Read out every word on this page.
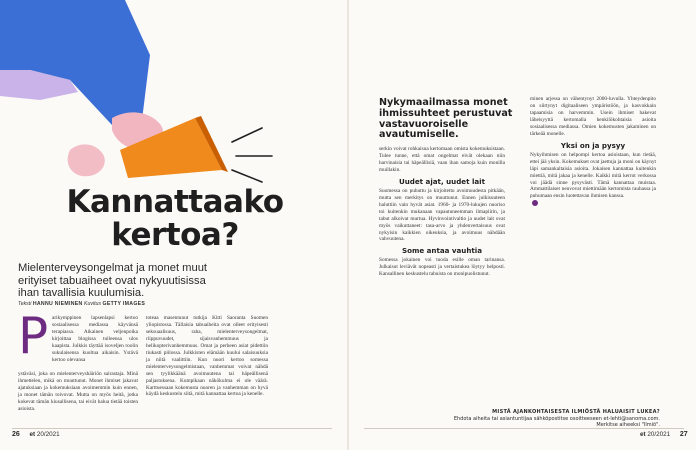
Kannattaako
kertoa?
Mielenterveysongelmat ja monet muut erityiset tabuaiheet ovat nykyuutisissa ihan tavallisia kuulumisia.
Teksti HANNU NIEMINEN Kuvitus GETTY IMAGES
P arikymppinen lapsenlapsi kertoo sosiaalisessa mediassa käyvänsä terapiassa. Aikainen veljenpoika kirjoittaa blogissa tulleensa ulos kaapista. Julkkis täyttää isoveljen roolin sukulaisensa kuoltua aikaisin. Ystävä kertoo olevansa
ystäväsi, joka on mielenterveyshäiriön sairastaja. Minä ihmettelen, mikä on muuttunut. Monet ihmiset jakavat ajatuksiaan ja kokemuksiaan avoimemmin kuin ennen, ja monet tämän toivovat. Mutta on myös heitä, jotka kokevat tämän kiusallisena, tai eivät halua tietää toisten asioista.
toteaa masentunut tutkija Kitti Saoranta Suomen yliopistossa. Tällaisia tabuaiheita ovat olleet erityisesti seksuaalisuus, raha, mielenterveysongelmat, riippuvuudet, sijaisvanhemmuus ja helikopterivanhemmuus. Omat ja perheen asiat pidettiin tiukasti piilossa. Julkkisten elämään kuului salaisuuksia ja niitä vaalittiin. Kun nuori kertoo somessa mielenterveysongelmistaan, vanhemmat voivat nähdä sen tyylikkäänä avoimuutena tai häpeällisenä paljastuksena. Kumpikaan näkökulma ei ole väärä. Karttuessaan kokemusta nuoren ja vanhemman on hyvä käydä keskustelu siitä, mitä kannattaa kertoa ja kenelle.
Nykymaailmassa monet ihmissuhteet perustuvat vastavuoroiselle avautumiselle.

serkin voivat rohkaisua kertomaan omista kokemuksistaan. Tulee tunne, että omat ongelmat eivät olekaan niin harvinaisia tai häpeällisiä, vaan ihan samoja kuin monilla muillakin.

Uudet ajat, uudet lait

Suomessa on puhuttu ja kirjoitettu avoimuudesta pitkään, mutta sen merkitys on muuttunut. Ennen julkisuuteen haluttiin vain hyvät asiat. 1960- ja 1970-lukujen nuoriso toi kuitenkin mukanaan vapautuneemman ilmapiirin, ja tabut alkoivat murtua. Hyvinvointivaltio ja uudet lait ovat myös vaikuttaneet: tasa-arvo ja yhdenvertaisuus ovat nykyisin kaikkien oikeuksia, ja avoimuus nähdään vahvuutena.

Some antaa vauhtia

Somessa jokainen voi tuoda esille oman tarinansa. Julkaisut leviävät nopeasti ja vertaistukea löytyy helposti. Kansallinen keskustelu tabuista on monipuolistunut.

minen arjessa on vähentynyt 2000-luvulla. Yhteydenpito on siirtynyt digitaaliseen ympäristöön, ja kasvokkain tapaamisia on harvemmin. Usein ihmiset hakevat läheisyyttä kertomalla henkilökohtaisia asioita sosiaalisessa mediassa. Omien kokemusten jakaminen on tärkeää monelle.

Yksi on ja pysyy

Nykyihmisen on helpompi kertoa asioistaan, kun tietää, ettei jää yksin. Kokemukset ovat jaettuja ja moni on käynyt läpi samankaltaisia asioita. Jokaisen kannattaa kuitenkin miettiä, mitä jakaa ja kenelle. Kaikki mitä kerrot verkossa voi jäädä sinne pysyvästi. Tämä kannattaa muistaa. Ammattilaiset neuvovat miettimään kertomista rauhassa ja puhumaan ensin luotettavan ihmisen kanssa.

MISTÄ AJANKOHTAISESTA ILMIÖSTÄ HALUAISIT LUKEA?
Ehdota aiheita tai asiantuntijaa sähköpostitse osoitteeseen et-lehti@sanoma.com.
Merkitse aiheeksi "Ilmiö".
26 et 20/2021	et 20/2021 27
